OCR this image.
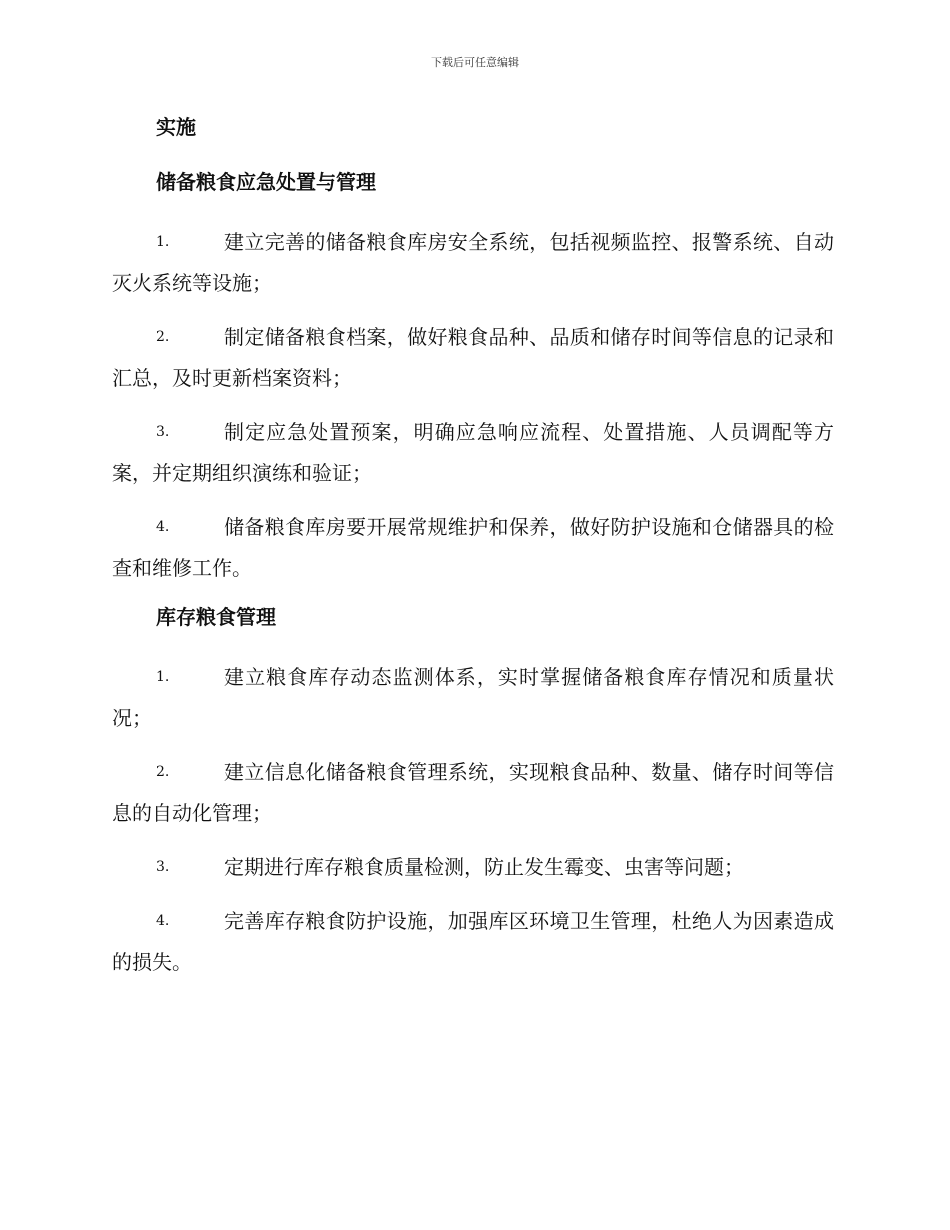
下载后可任意编辑
实施
储备粮食应急处置与管理
1.	建立完善的储备粮食库房安全系统，包括视频监控、报警系统、自动灭火系统等设施；
2.	制定储备粮食档案，做好粮食品种、品质和储存时间等信息的记录和汇总，及时更新档案资料；
3.	制定应急处置预案，明确应急响应流程、处置措施、人员调配等方案，并定期组织演练和验证；
4.	储备粮食库房要开展常规维护和保养，做好防护设施和仓储器具的检查和维修工作。
库存粮食管理
1.	建立粮食库存动态监测体系，实时掌握储备粮食库存情况和质量状况；
2.	建立信息化储备粮食管理系统，实现粮食品种、数量、储存时间等信息的自动化管理；
3.	定期进行库存粮食质量检测，防止发生霉变、虫害等问题；
4.	完善库存粮食防护设施，加强库区环境卫生管理，杜绝人为因素造成的损失。
